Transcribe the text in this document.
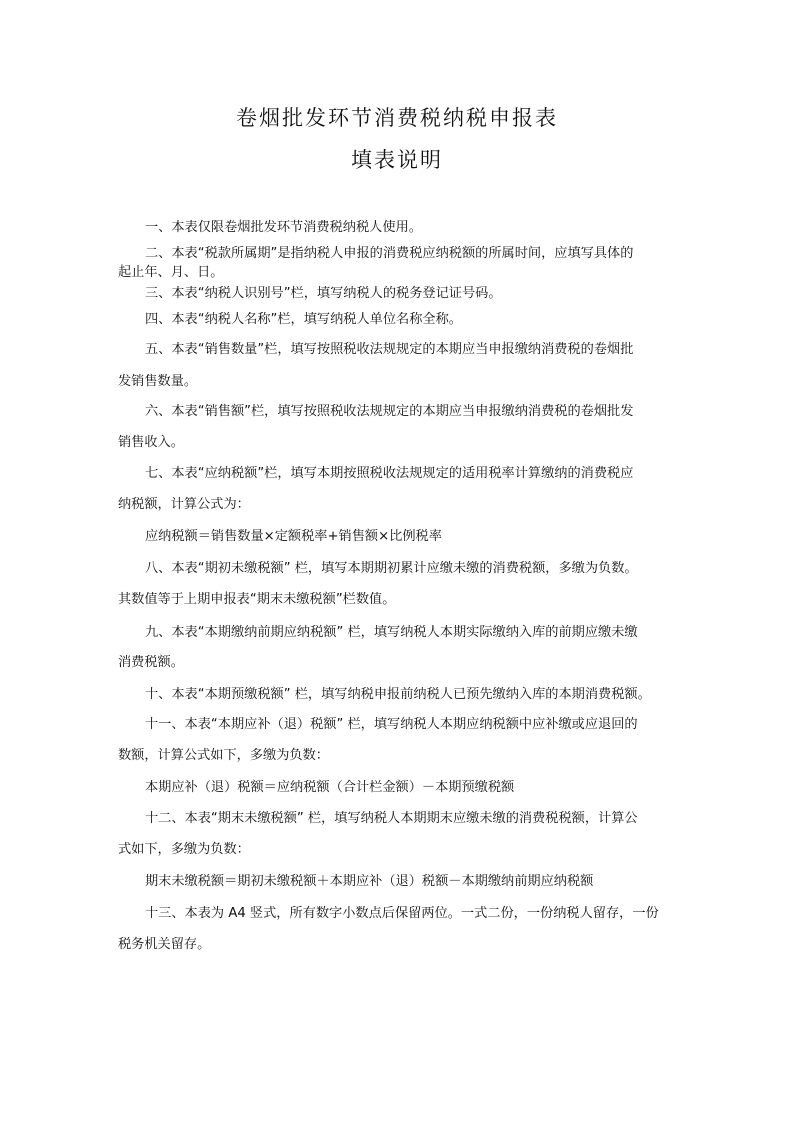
卷烟批发环节消费税纳税申报表
填表说明
一、本表仅限卷烟批发环节消费税纳税人使用。
二、本表“税款所属期”是指纳税人申报的消费税应纳税额的所属时间，应填写具体的
起止年、月、日。
三、本表“纳税人识别号”栏，填写纳税人的税务登记证号码。
四、本表“纳税人名称”栏，填写纳税人单位名称全称。
五、本表“销售数量”栏，填写按照税收法规规定的本期应当申报缴纳消费税的卷烟批
发销售数量。
六、本表“销售额”栏，填写按照税收法规规定的本期应当申报缴纳消费税的卷烟批发
销售收入。
七、本表“应纳税额”栏，填写本期按照税收法规规定的适用税率计算缴纳的消费税应
纳税额，计算公式为：
应纳税额＝销售数量×定额税率+销售额×比例税率
八、本表“期初未缴税额” 栏，填写本期期初累计应缴未缴的消费税额，多缴为负数。
其数值等于上期申报表“期末未缴税额”栏数值。
九、本表“本期缴纳前期应纳税额” 栏，填写纳税人本期实际缴纳入库的前期应缴未缴
消费税额。
十、本表“本期预缴税额” 栏，填写纳税申报前纳税人已预先缴纳入库的本期消费税额。
十一、本表“本期应补（退）税额” 栏，填写纳税人本期应纳税额中应补缴或应退回的
数额，计算公式如下，多缴为负数：
本期应补（退）税额＝应纳税额（合计栏金额）－本期预缴税额
十二、本表“期末未缴税额” 栏，填写纳税人本期期末应缴未缴的消费税税额，计算公
式如下，多缴为负数：
期末未缴税额＝期初未缴税额＋本期应补（退）税额－本期缴纳前期应纳税额
十三、本表为 A4 竖式，所有数字小数点后保留两位。一式二份，一份纳税人留存，一份
税务机关留存。
